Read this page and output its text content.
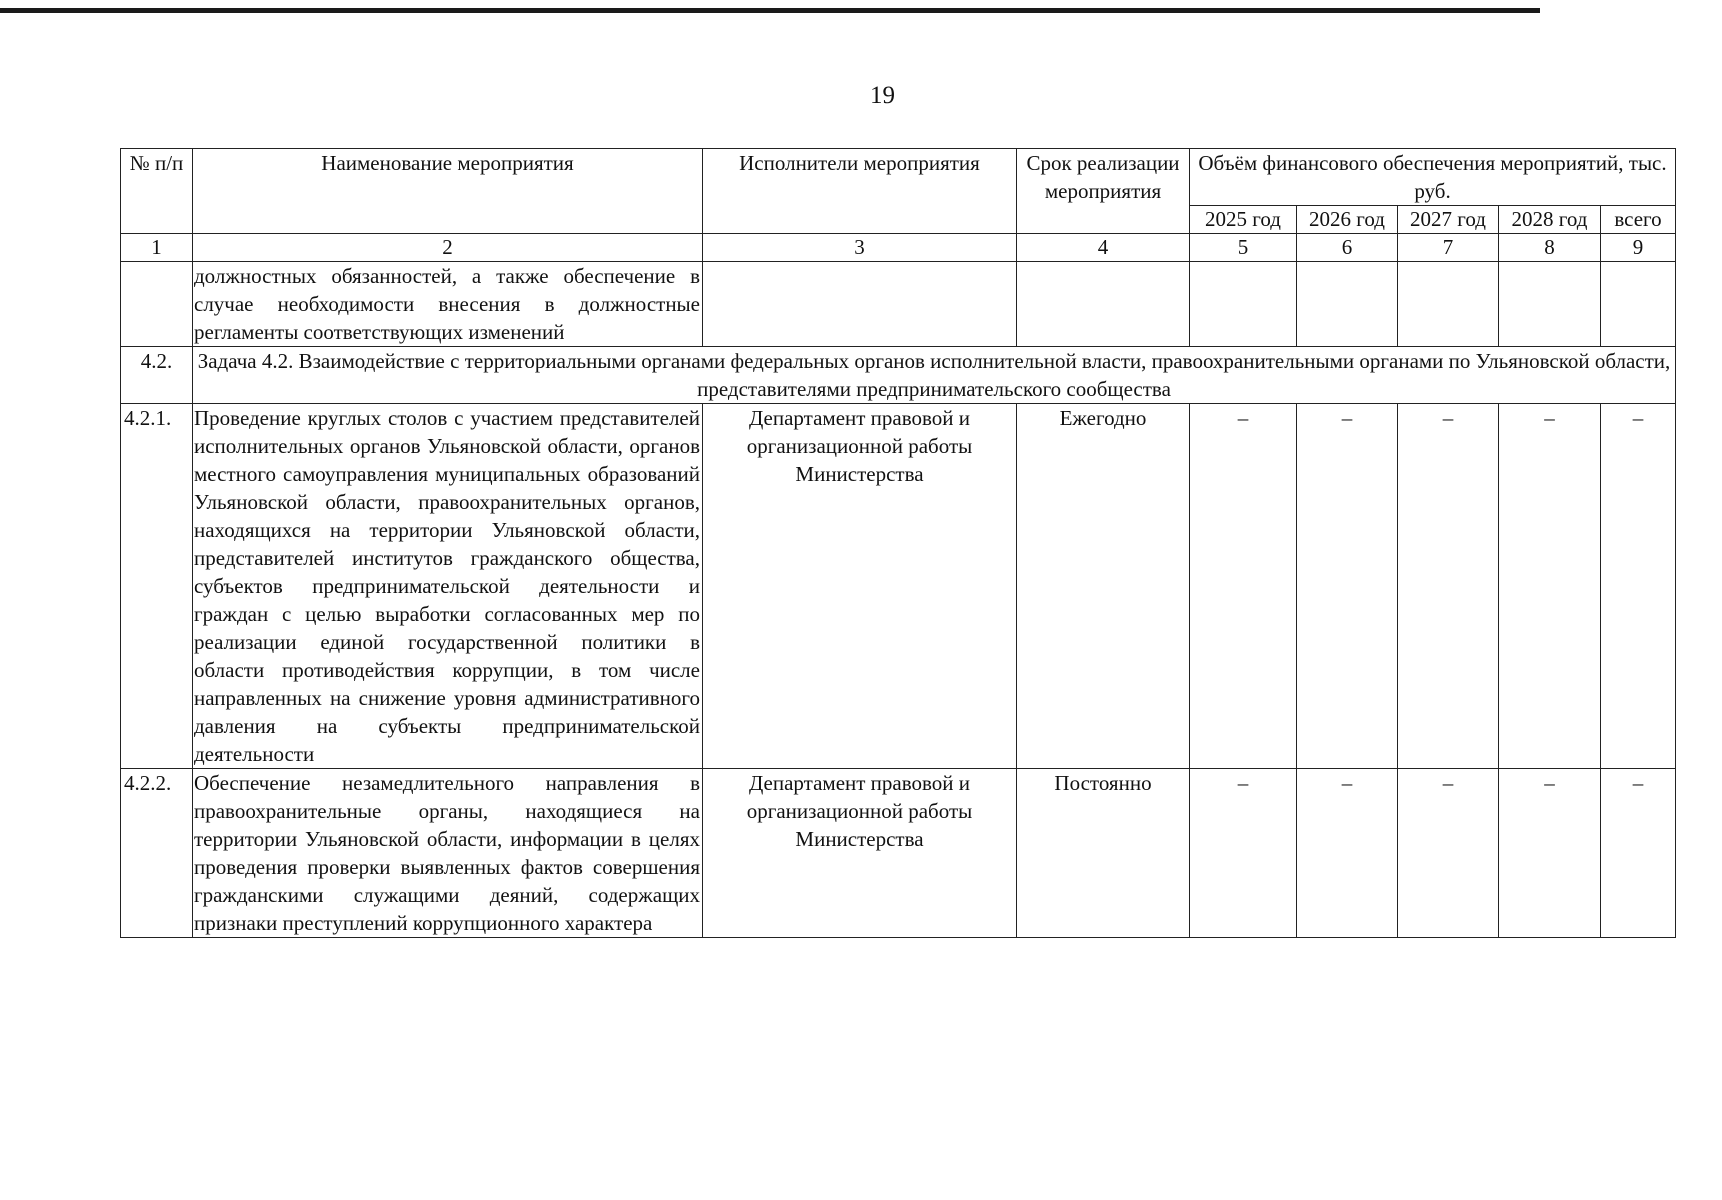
19
№ п/п	Наименование мероприятия	Исполнители мероприятия	Срок реализации мероприятия	Объём финансового обеспечения мероприятий, тыс. руб.				
				2025 год	2026 год	2027 год	2028 год	всего
1	2	3	4	5	6	7	8	9
	должностных обязанностей, а также обеспечение в случае необходимости внесения в должностные регламенты соответствующих изменений							
4.2.	Задача 4.2. Взаимодействие с территориальными органами федеральных органов исполнительной власти, правоохранительными органами по Ульяновской области, представителями предпринимательского сообщества							
4.2.1.	Проведение круглых столов с участием представителей исполнительных органов Ульяновской области, органов местного самоуправления муниципальных образований Ульяновской области, правоохранительных органов, находящихся на территории Ульяновской области, представителей институтов гражданского общества, субъектов предпринимательской деятельности и граждан с целью выработки согласованных мер по реализации единой государственной политики в области противодействия коррупции, в том числе направленных на снижение уровня административного давления на субъекты предпринимательской деятельности	Департамент правовой и организационной работы Министерства	Ежегодно	–	–	–	–	–
4.2.2.	Обеспечение незамедлительного направления в правоохранительные органы, находящиеся на территории Ульяновской области, информации в целях проведения проверки выявленных фактов совершения гражданскими служащими деяний, содержащих признаки преступлений коррупционного характера	Департамент правовой и организационной работы Министерства	Постоянно	–	–	–	–	–
